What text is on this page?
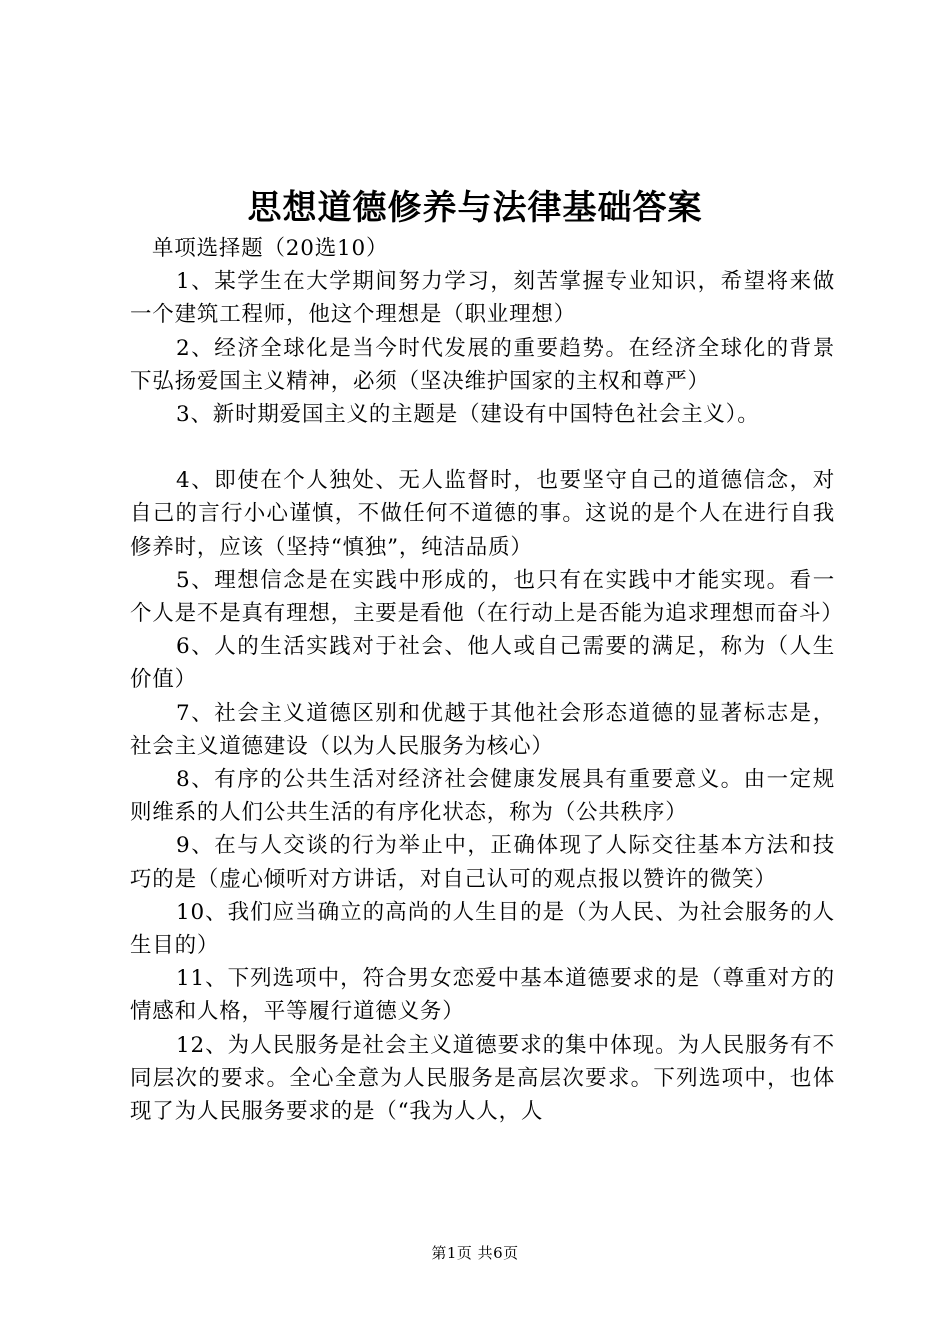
思想道德修养与法律基础答案

单项选择题（20选10）

1、某学生在大学期间努力学习，刻苦掌握专业知识，希望将来做一个建筑工程师，他这个理想是（职业理想）

2、经济全球化是当今时代发展的重要趋势。在经济全球化的背景下弘扬爱国主义精神，必须（坚决维护国家的主权和尊严）

3、新时期爱国主义的主题是（建设有中国特色社会主义）。

4、即使在个人独处、无人监督时，也要坚守自己的道德信念，对自己的言行小心谨慎，不做任何不道德的事。这说的是个人在进行自我修养时，应该（坚持“慎独”，纯洁品质）

5、理想信念是在实践中形成的，也只有在实践中才能实现。看一个人是不是真有理想，主要是看他（在行动上是否能为追求理想而奋斗）

6、人的生活实践对于社会、他人或自己需要的满足，称为（人生价值）

7、社会主义道德区别和优越于其他社会形态道德的显著标志是，社会主义道德建设（以为人民服务为核心）

8、有序的公共生活对经济社会健康发展具有重要意义。由一定规则维系的人们公共生活的有序化状态，称为（公共秩序）

9、在与人交谈的行为举止中，正确体现了人际交往基本方法和技巧的是（虚心倾听对方讲话，对自己认可的观点报以赞许的微笑）

10、我们应当确立的高尚的人生目的是（为人民、为社会服务的人生目的）

11、下列选项中，符合男女恋爱中基本道德要求的是（尊重对方的情感和人格，平等履行道德义务）

12、为人民服务是社会主义道德要求的集中体现。为人民服务有不同层次的要求。全心全意为人民服务是高层次要求。下列选项中，也体现了为人民服务要求的是（“我为人人，人

第1页 共6页
